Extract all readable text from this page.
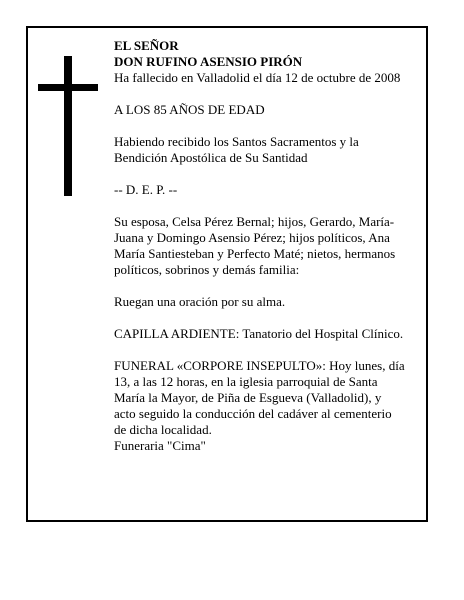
EL SEÑOR

DON RUFINO ASENSIO PIRÓN

Ha fallecido en Valladolid el día 12 de octubre de 2008

A LOS 85 AÑOS DE EDAD

Habiendo recibido los Santos Sacramentos y la

Bendición Apostólica de Su Santidad

-- D. E. P. --

Su esposa, Celsa Pérez Bernal; hijos, Gerardo, María-

Juana y Domingo Asensio Pérez; hijos políticos, Ana

María Santiesteban y Perfecto Maté; nietos, hermanos

políticos, sobrinos y demás familia:

Ruegan una oración por su alma.

CAPILLA ARDIENTE: Tanatorio del Hospital Clínico.

FUNERAL «CORPORE INSEPULTO»: Hoy lunes, día

13, a las 12 horas, en la iglesia parroquial de Santa

María la Mayor, de Piña de Esgueva (Valladolid), y

acto seguido la conducción del cadáver al cementerio

de dicha localidad.

Funeraria "Cima"
